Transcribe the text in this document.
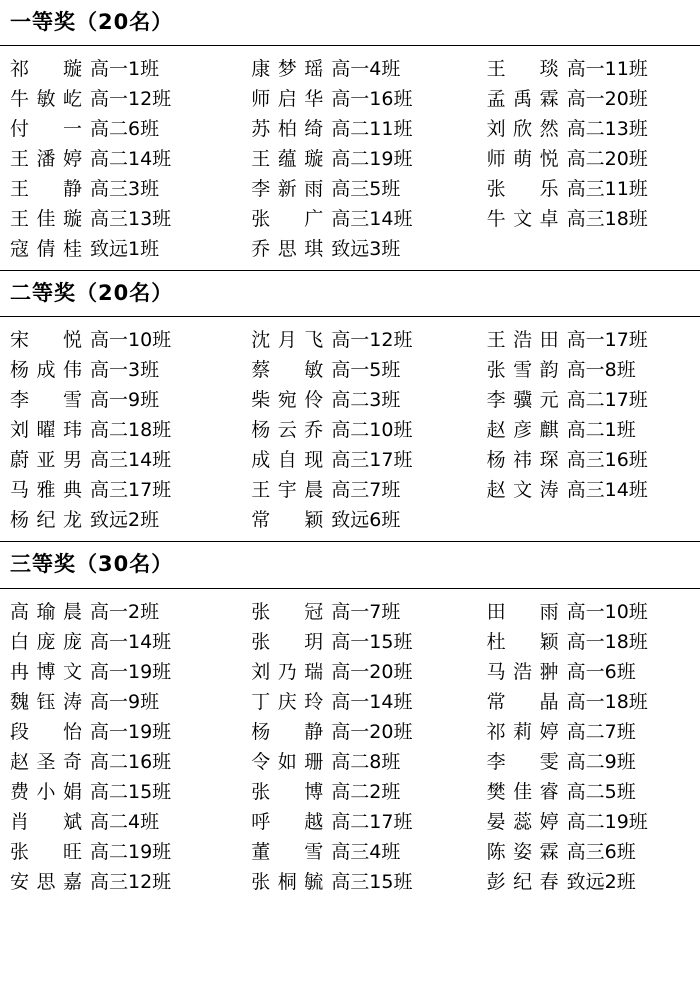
一等奖（20名）
祁 璇 高一1班	康梦瑶 高一4班	王 琰 高一11班
牛敏屹 高一12班	师启华 高一16班	孟禹霖 高一20班
付 一 高二6班	苏柏绮 高二11班	刘欣然 高二13班
王潘婷 高二14班	王蕴璇 高二19班	师萌悦 高二20班
王 静 高三3班	李新雨 高三5班	张 乐 高三11班
王佳璇 高三13班	张 广 高三14班	牛文卓 高三18班
寇倩桂 致远1班	乔思琪 致远3班
二等奖（20名）
宋 悦 高一10班	沈月飞 高一12班	王浩田 高一17班
杨成伟 高一3班	蔡 敏 高一5班	张雪韵 高一8班
李 雪 高一9班	柴宛伶 高二3班	李骥元 高二17班
刘曜玮 高二18班	杨云乔 高二10班	赵彦麒 高二1班
蔚亚男 高三14班	成自现 高三17班	杨祎琛 高三16班
马雅典 高三17班	王宇晨 高三7班	赵文涛 高三14班
杨纪龙 致远2班	常 颖 致远6班
三等奖（30名）
高瑜晨 高一2班	张 冠 高一7班	田 雨 高一10班
白庞庞 高一14班	张 玥 高一15班	杜 颖 高一18班
冉博文 高一19班	刘乃瑞 高一20班	马浩翀 高一6班
魏钰涛 高一9班	丁庆玲 高一14班	常 晶 高一18班
段 怡 高一19班	杨 静 高一20班	祁莉婷 高二7班
赵圣奇 高二16班	令如珊 高二8班	李 雯 高二9班
费小娟 高二15班	张 博 高二2班	樊佳睿 高二5班
肖 斌 高二4班	呼 越 高二17班	晏蕊婷 高二19班
张 旺 高二19班	董 雪 高三4班	陈姿霖 高三6班
安思嘉 高三12班	张桐毓 高三15班	彭纪春 致远2班
